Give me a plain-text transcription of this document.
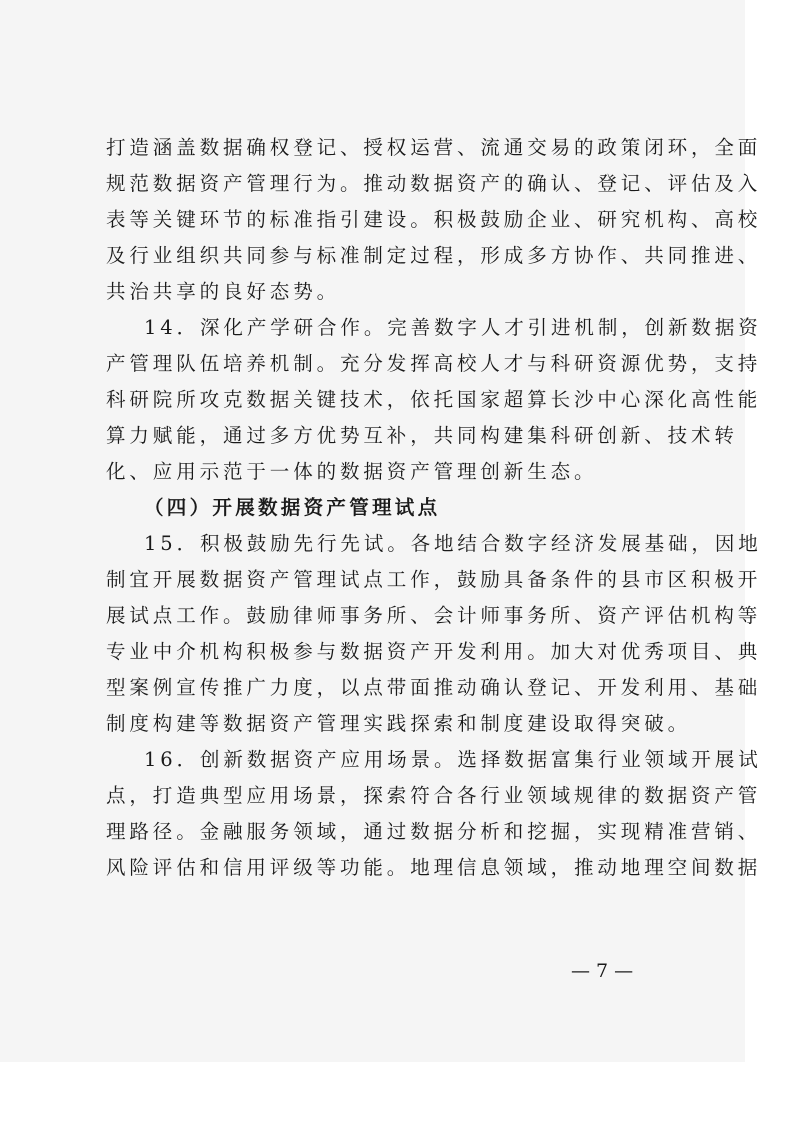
打造涵盖数据确权登记、授权运营、流通交易的政策闭环，全面
规范数据资产管理行为。推动数据资产的确认、登记、评估及入
表等关键环节的标准指引建设。积极鼓励企业、研究机构、高校
及行业组织共同参与标准制定过程，形成多方协作、共同推进、
共治共享的良好态势。
14．深化产学研合作。完善数字人才引进机制，创新数据资
产管理队伍培养机制。充分发挥高校人才与科研资源优势，支持
科研院所攻克数据关键技术，依托国家超算长沙中心深化高性能
算力赋能，通过多方优势互补，共同构建集科研创新、技术转
化、应用示范于一体的数据资产管理创新生态。
（四）开展数据资产管理试点
15．积极鼓励先行先试。各地结合数字经济发展基础，因地
制宜开展数据资产管理试点工作，鼓励具备条件的县市区积极开
展试点工作。鼓励律师事务所、会计师事务所、资产评估机构等
专业中介机构积极参与数据资产开发利用。加大对优秀项目、典
型案例宣传推广力度，以点带面推动确认登记、开发利用、基础
制度构建等数据资产管理实践探索和制度建设取得突破。
16．创新数据资产应用场景。选择数据富集行业领域开展试
点，打造典型应用场景，探索符合各行业领域规律的数据资产管
理路径。金融服务领域，通过数据分析和挖掘，实现精准营销、
风险评估和信用评级等功能。地理信息领域，推动地理空间数据
— 7 —
